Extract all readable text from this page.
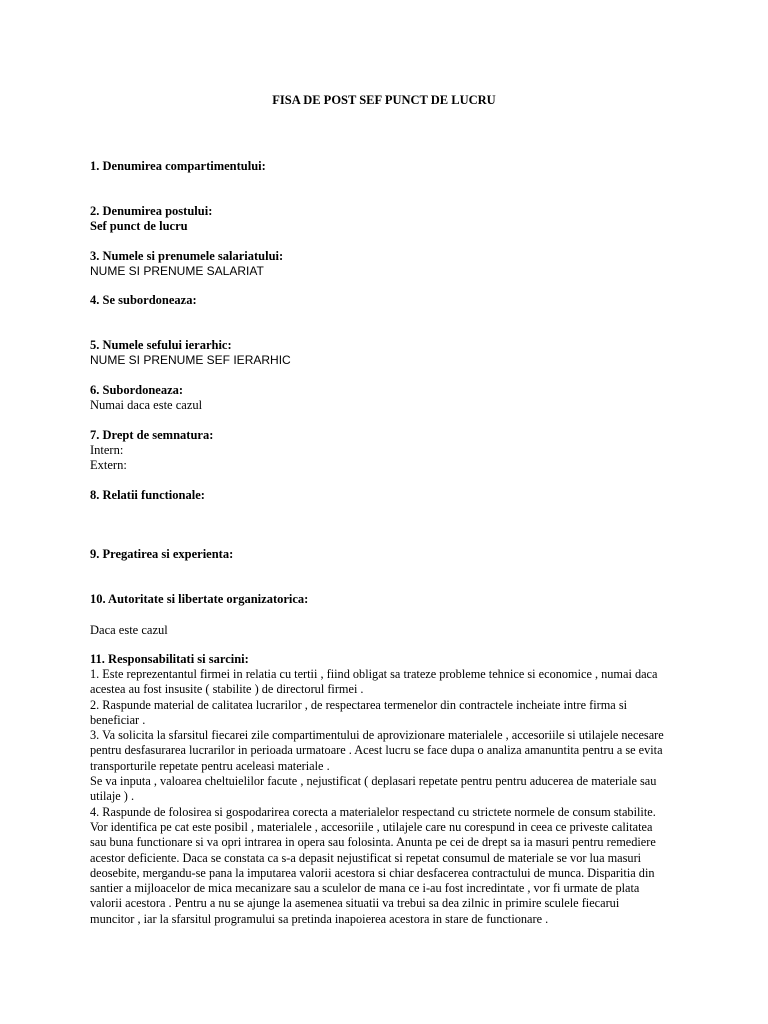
FISA DE POST SEF PUNCT DE LUCRU
1. Denumirea compartimentului:
2. Denumirea postului:
Sef punct de lucru
3. Numele si prenumele salariatului:
NUME SI PRENUME SALARIAT
4. Se subordoneaza:
5. Numele sefului ierarhic:
NUME SI PRENUME SEF IERARHIC
6. Subordoneaza:
Numai daca este cazul
7. Drept de semnatura:
Intern:
Extern:
8. Relatii functionale:
9. Pregatirea si experienta:
10. Autoritate si libertate organizatorica:
Daca este cazul
11. Responsabilitati si sarcini:
1. Este reprezentantul firmei in relatia cu tertii , fiind obligat sa trateze probleme tehnice si economice , numai daca
acestea au fost insusite ( stabilite ) de directorul firmei .
2. Raspunde material de calitatea lucrarilor , de respectarea termenelor din contractele incheiate intre firma si
beneficiar .
3. Va solicita la sfarsitul fiecarei zile compartimentului de aprovizionare materialele , accesoriile si utilajele necesare
pentru desfasurarea lucrarilor in perioada urmatoare . Acest lucru se face dupa o analiza amanuntita pentru a se evita
transporturile repetate pentru aceleasi materiale .
Se va inputa , valoarea cheltuielilor facute , nejustificat ( deplasari repetate pentru pentru aducerea de materiale sau
utilaje ) .
4. Raspunde de folosirea si gospodarirea corecta a materialelor respectand cu strictete normele de consum stabilite.
Vor identifica pe cat este posibil , materialele , accesoriile , utilajele care nu corespund in ceea ce priveste calitatea
sau buna functionare si va opri intrarea in opera sau folosinta. Anunta pe cei de drept sa ia masuri pentru remediere
acestor deficiente. Daca se constata ca s-a depasit nejustificat si repetat consumul de materiale se vor lua masuri
deosebite, mergandu-se pana la imputarea valorii acestora si chiar desfacerea contractului de munca. Disparitia din
santier a mijloacelor de mica mecanizare sau a sculelor de mana ce i-au fost incredintate , vor fi urmate de plata
valorii acestora . Pentru a nu se ajunge la asemenea situatii va trebui sa dea zilnic in primire sculele fiecarui
muncitor , iar la sfarsitul programului sa pretinda inapoierea acestora in stare de functionare .
